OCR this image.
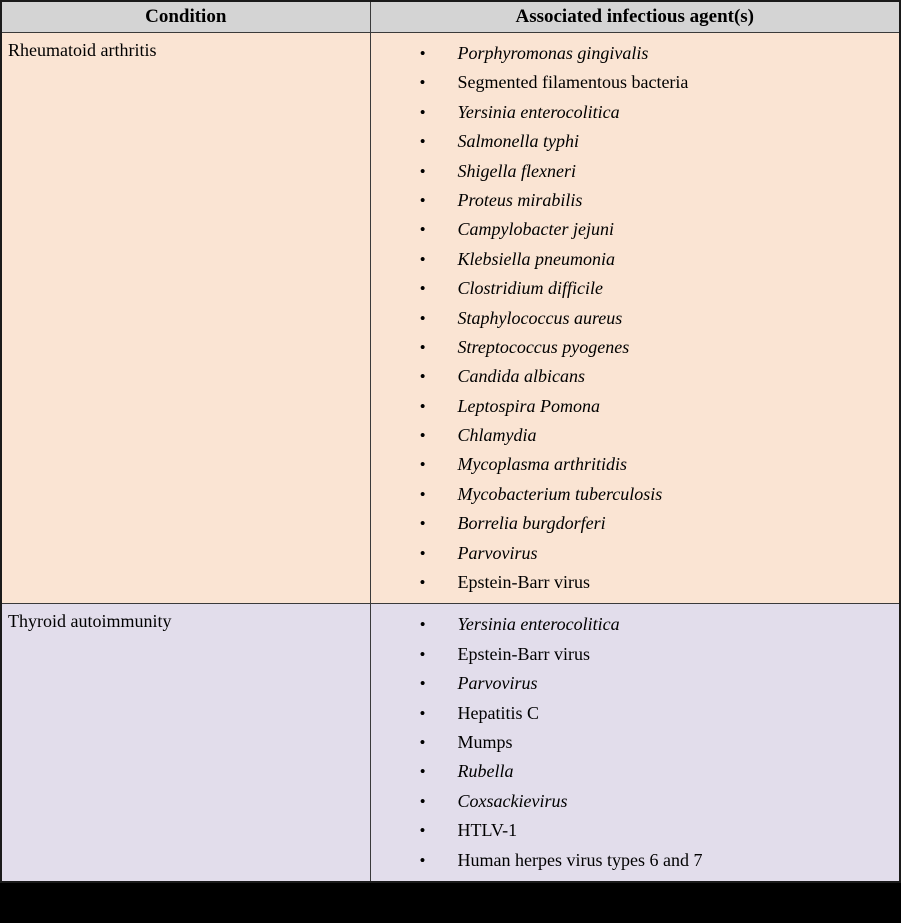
Condition	Associated infectious agent(s)

Rheumatoid arthritis

•Porphyromonas gingivalis
• Segmented filamentous bacteria
• Yersinia enterocolitica
• Salmonella typhi
• Shigella flexneri
• Proteus mirabilis
• Campylobacter jejuni
• Klebsiella pneumonia
• Clostridium difficile
• Staphylococcus aureus
• Streptococcus pyogenes
• Candida albicans
• Leptospira Pomona
• Chlamydia
• Mycoplasma arthritidis
• Mycobacterium tuberculosis
• Borrelia burgdorferi
• Parvovirus
• Epstein-Barr virus

Thyroid autoimmunity

•Yersinia enterocolitica
• Epstein-Barr virus
• Parvovirus
• Hepatitis C
• Mumps
• Rubella
• Coxsackievirus
• HTLV-1
• Human herpes virus types 6 and 7
